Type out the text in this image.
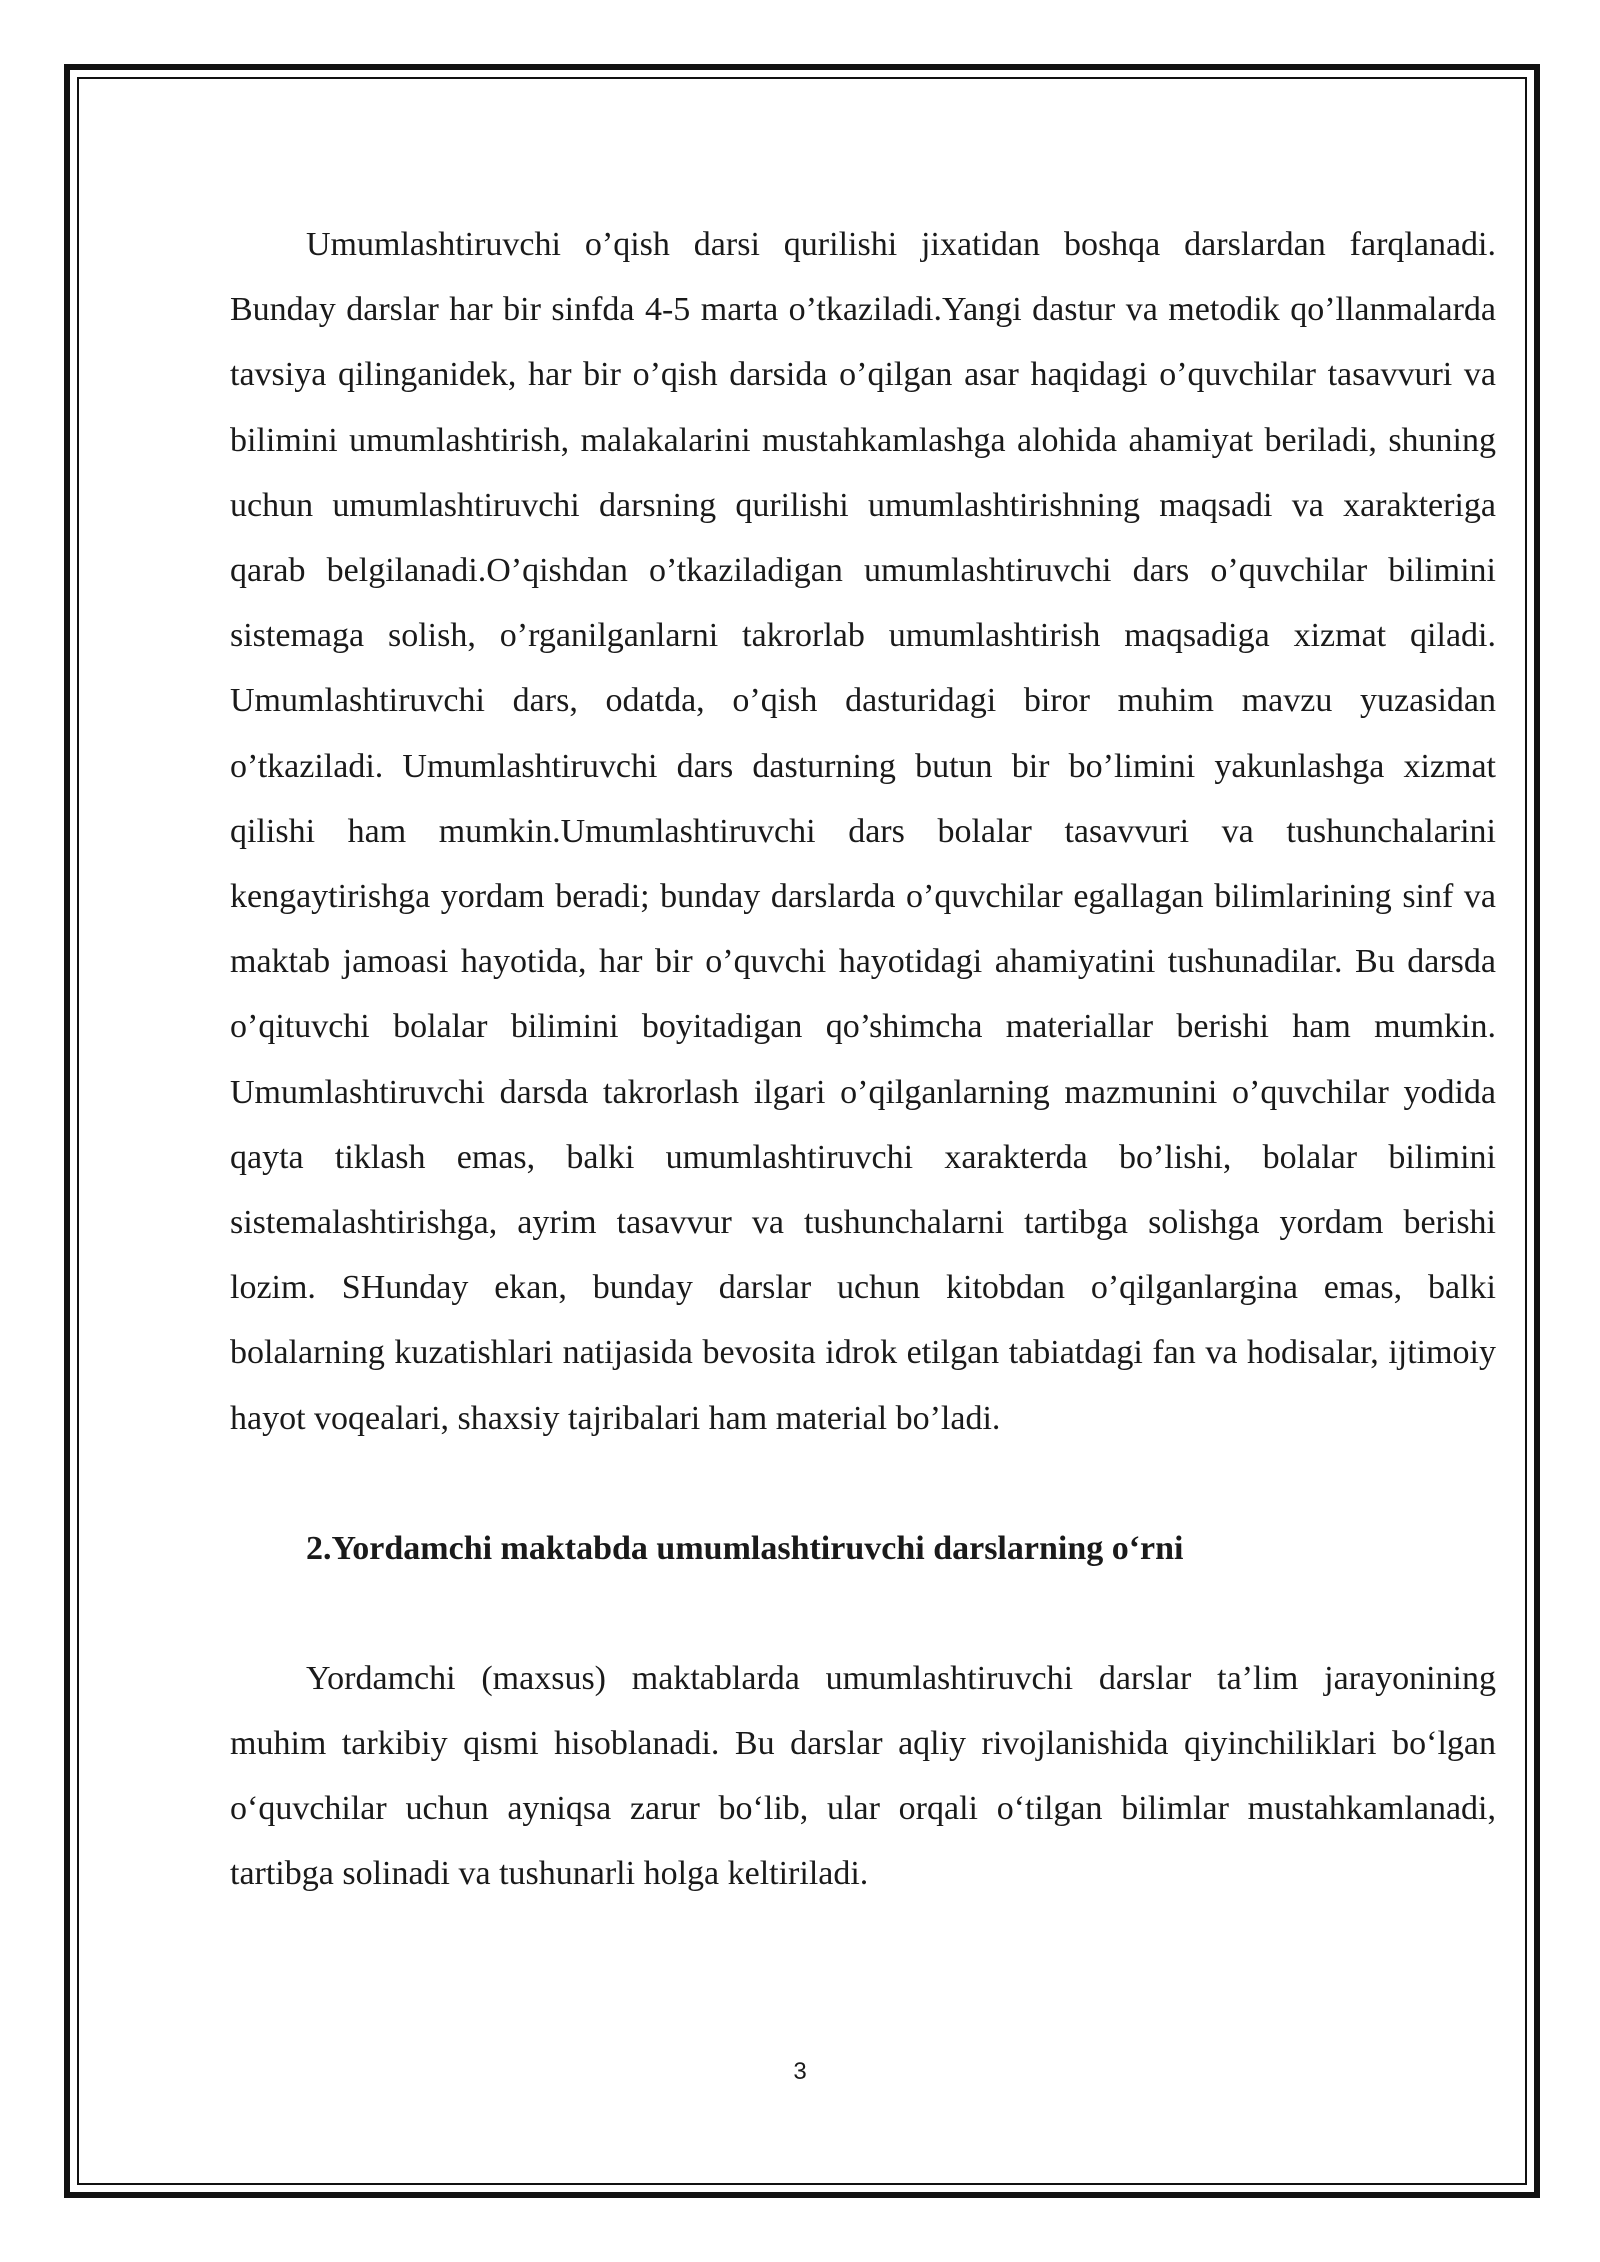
Umumlashtiruvchi o’qish darsi qurilishi jixatidan boshqa darslardan farqlanadi. Bunday darslar har bir sinfda 4-5 marta o’tkaziladi.Yangi dastur va metodik qo’llanmalarda tavsiya qilinganidek, har bir o’qish darsida o’qilgan asar haqidagi o’quvchilar tasavvuri va bilimini umumlashtirish, malakalarini mustahkamlashga alohida ahamiyat beriladi, shuning uchun umumlashtiruvchi darsning qurilishi umumlashtirishning maqsadi va xarakteriga qarab belgilanadi.O’qishdan o’tkaziladigan umumlashtiruvchi dars o’quvchilar bilimini sistemaga solish, o’rganilganlarni takrorlab umumlashtirish maqsadiga xizmat qiladi. Umumlashtiruvchi dars, odatda, o’qish dasturidagi biror muhim mavzu yuzasidan o’tkaziladi. Umumlashtiruvchi dars dasturning butun bir bo’limini yakunlashga xizmat qilishi ham mumkin.Umumlashtiruvchi dars bolalar tasavvuri va tushunchalarini kengaytirishga yordam beradi; bunday darslarda o’quvchilar egallagan bilimlarining sinf va maktab jamoasi hayotida, har bir o’quvchi hayotidagi ahamiyatini tushunadilar. Bu darsda o’qituvchi bolalar bilimini boyitadigan qo’shimcha materiallar berishi ham mumkin. Umumlashtiruvchi darsda takrorlash ilgari o’qilganlarning mazmunini o’quvchilar yodida qayta tiklash emas, balki umumlashtiruvchi xarakterda bo’lishi, bolalar bilimini sistemalashtirishga, ayrim tasavvur va tushunchalarni tartibga solishga yordam berishi lozim. SHunday ekan, bunday darslar uchun kitobdan o’qilganlargina emas, balki bolalarning kuzatishlari natijasida bevosita idrok etilgan tabiatdagi fan va hodisalar, ijtimoiy hayot voqealari, shaxsiy tajribalari ham material bo’ladi.

2.Yordamchi maktabda umumlashtiruvchi darslarning o‘rni

Yordamchi (maxsus) maktablarda umumlashtiruvchi darslar ta’lim jarayonining muhim tarkibiy qismi hisoblanadi. Bu darslar aqliy rivojlanishida qiyinchiliklari bo‘lgan o‘quvchilar uchun ayniqsa zarur bo‘lib, ular orqali o‘tilgan bilimlar mustahkamlanadi, tartibga solinadi va tushunarli holga keltiriladi.

3
